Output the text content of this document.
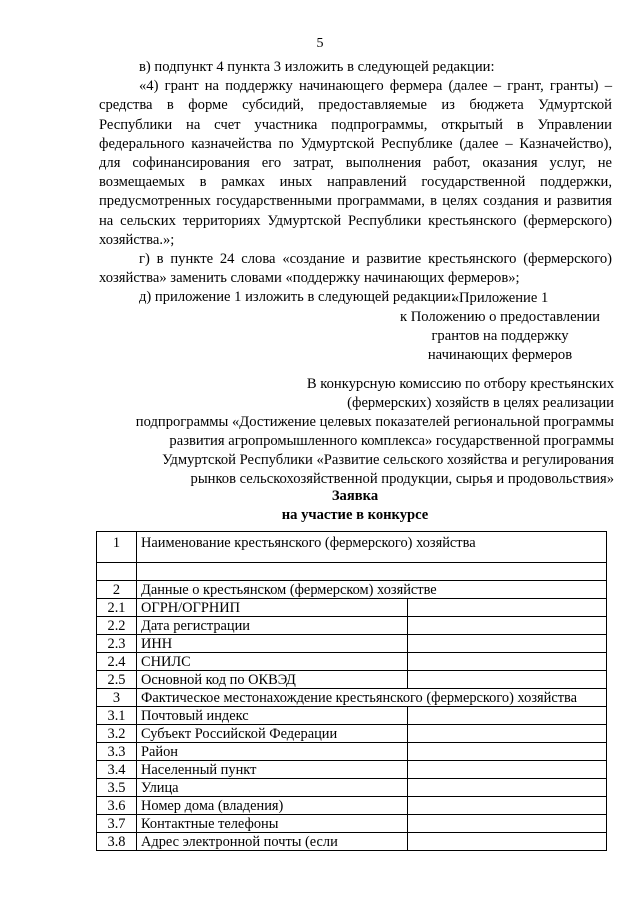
5

в) подпункт 4 пункта 3 изложить в следующей редакции:

«4) грант на поддержку начинающего фермера (далее – грант, гранты) – средства в форме субсидий, предоставляемые из бюджета Удмуртской Республики на счет участника подпрограммы, открытый в Управлении федерального казначейства по Удмуртской Республике (далее – Казначейство), для софинансирования его затрат, выполнения работ, оказания услуг, не возмещаемых в рамках иных направлений государственной поддержки, предусмотренных государственными программами, в целях создания и развития на сельских территориях Удмуртской Республики крестьянского (фермерского) хозяйства.»;

г) в пункте 24 слова «создание и развитие крестьянского (фермерского) хозяйства» заменить словами «поддержку начинающих фермеров»;

д) приложение 1 изложить в следующей редакции:

«Приложение 1
к Положению о предоставлении
грантов на поддержку
начинающих фермеров
В конкурсную комиссию по отбору крестьянских
(фермерских) хозяйств в целях реализации
подпрограммы «Достижение целевых показателей региональной программы
развития агропромышленного комплекса» государственной программы
Удмуртской Республики «Развитие сельского хозяйства и регулирования
рынков сельскохозяйственной продукции, сырья и продовольствия»
Заявка
на участие в конкурсе
1	Наименование крестьянского (фермерского) хозяйства	

2	Данные о крестьянском (фермерском) хозяйстве	
2.1	ОГРН/ОГРНИП	
2.2	Дата регистрации	
2.3	ИНН	
2.4	СНИЛС	
2.5	Основной код по ОКВЭД	
3	Фактическое местонахождение крестьянского (фермерского) хозяйства	
3.1	Почтовый индекс	
3.2	Субъект Российской Федерации	
3.3	Район	
3.4	Населенный пункт	
3.5	Улица	
3.6	Номер дома (владения)	
3.7	Контактные телефоны	
3.8	Адрес электронной почты (если	
